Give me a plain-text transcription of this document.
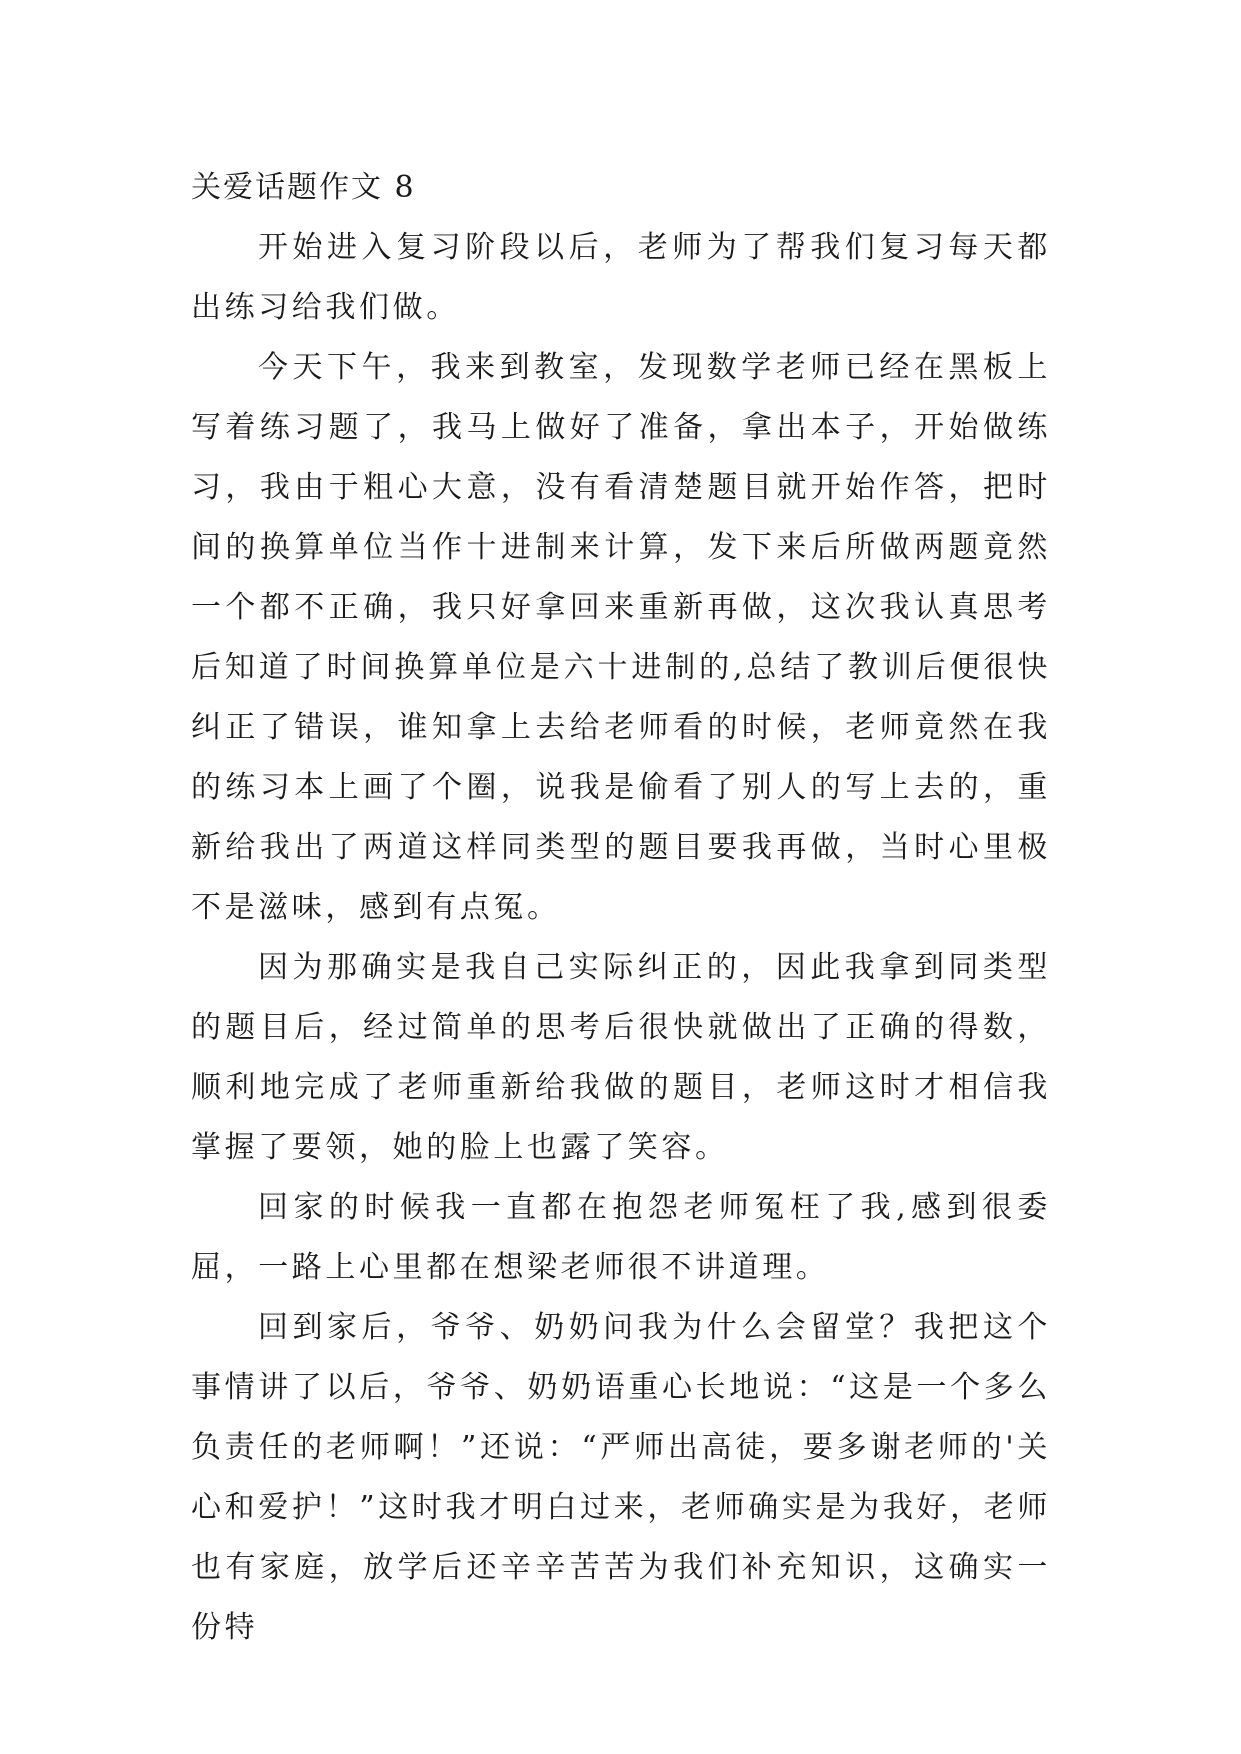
关爱话题作文 8

开始进入复习阶段以后，老师为了帮我们复习每天都出练习给我们做。

今天下午，我来到教室，发现数学老师已经在黑板上写着练习题了，我马上做好了准备，拿出本子，开始做练习，我由于粗心大意，没有看清楚题目就开始作答，把时间的换算单位当作十进制来计算，发下来后所做两题竟然一个都不正确，我只好拿回来重新再做，这次我认真思考后知道了时间换算单位是六十进制的,总结了教训后便很快纠正了错误，谁知拿上去给老师看的时候，老师竟然在我的练习本上画了个圈，说我是偷看了别人的写上去的，重新给我出了两道这样同类型的题目要我再做，当时心里极不是滋味，感到有点冤。

因为那确实是我自己实际纠正的，因此我拿到同类型的题目后，经过简单的思考后很快就做出了正确的得数，顺利地完成了老师重新给我做的题目，老师这时才相信我掌握了要领，她的脸上也露了笑容。

回家的时候我一直都在抱怨老师冤枉了我,感到很委屈，一路上心里都在想梁老师很不讲道理。

回到家后，爷爷、奶奶问我为什么会留堂？我把这个事情讲了以后，爷爷、奶奶语重心长地说：“这是一个多么负责任的老师啊！”还说：“严师出高徒，要多谢老师的'关心和爱护！”这时我才明白过来，老师确实是为我好，老师也有家庭，放学后还辛辛苦苦为我们补充知识，这确实一份特
